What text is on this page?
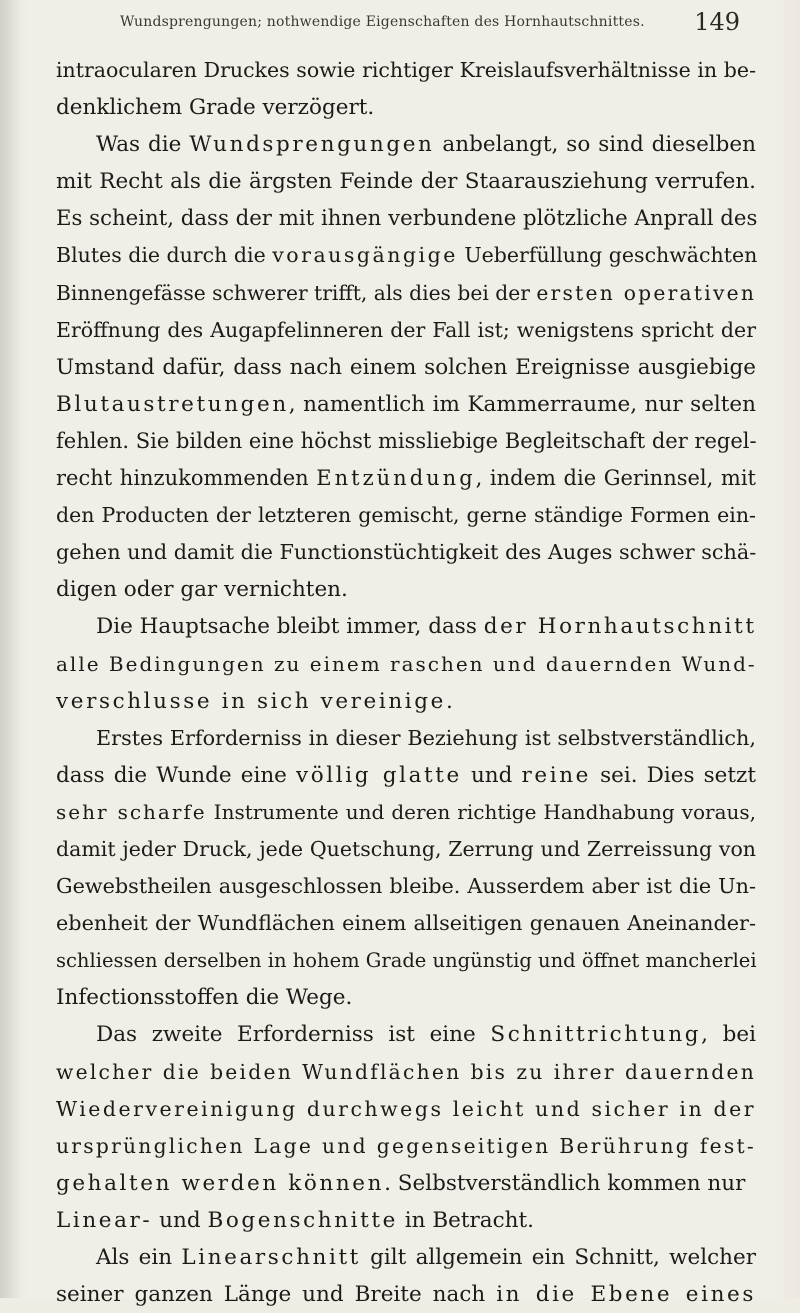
Wundsprengungen; nothwendige Eigenschaften des Hornhautschnittes.	149
intraocularen Druckes sowie richtiger Kreislaufsverhältnisse in be-
denklichem Grade verzögert.
Was die Wundsprengungen anbelangt, so sind dieselben
mit Recht als die ärgsten Feinde der Staarausziehung verrufen.
Es scheint, dass der mit ihnen verbundene plötzliche Anprall des
Blutes die durch die vorausgängige Ueberfüllung geschwächten
Binnengefässe schwerer trifft, als dies bei der ersten operativen
Eröffnung des Augapfelinneren der Fall ist; wenigstens spricht der
Umstand dafür, dass nach einem solchen Ereignisse ausgiebige
Blutaustretungen, namentlich im Kammerraume, nur selten
fehlen. Sie bilden eine höchst missliebige Begleitschaft der regel-
recht hinzukommenden Entzündung, indem die Gerinnsel, mit
den Producten der letzteren gemischt, gerne ständige Formen ein-
gehen und damit die Functionstüchtigkeit des Auges schwer schä-
digen oder gar vernichten.
Die Hauptsache bleibt immer, dass der Hornhautschnitt
alle Bedingungen zu einem raschen und dauernden Wund-
verschlusse in sich vereinige.
Erstes Erforderniss in dieser Beziehung ist selbstverständlich,
dass die Wunde eine völlig glatte und reine sei. Dies setzt
sehr scharfe Instrumente und deren richtige Handhabung voraus,
damit jeder Druck, jede Quetschung, Zerrung und Zerreissung von
Gewebstheilen ausgeschlossen bleibe. Ausserdem aber ist die Un-
ebenheit der Wundflächen einem allseitigen genauen Aneinander-
schliessen derselben in hohem Grade ungünstig und öffnet mancherlei
Infectionsstoffen die Wege.
Das zweite Erforderniss ist eine Schnittrichtung, bei
welcher die beiden Wundflächen bis zu ihrer dauernden
Wiedervereinigung durchwegs leicht und sicher in der
ursprünglichen Lage und gegenseitigen Berührung fest-
gehalten werden können. Selbstverständlich kommen nur
Linear- und Bogenschnitte in Betracht.
Als ein Linearschnitt gilt allgemein ein Schnitt, welcher
seiner ganzen Länge und Breite nach in die Ebene eines
